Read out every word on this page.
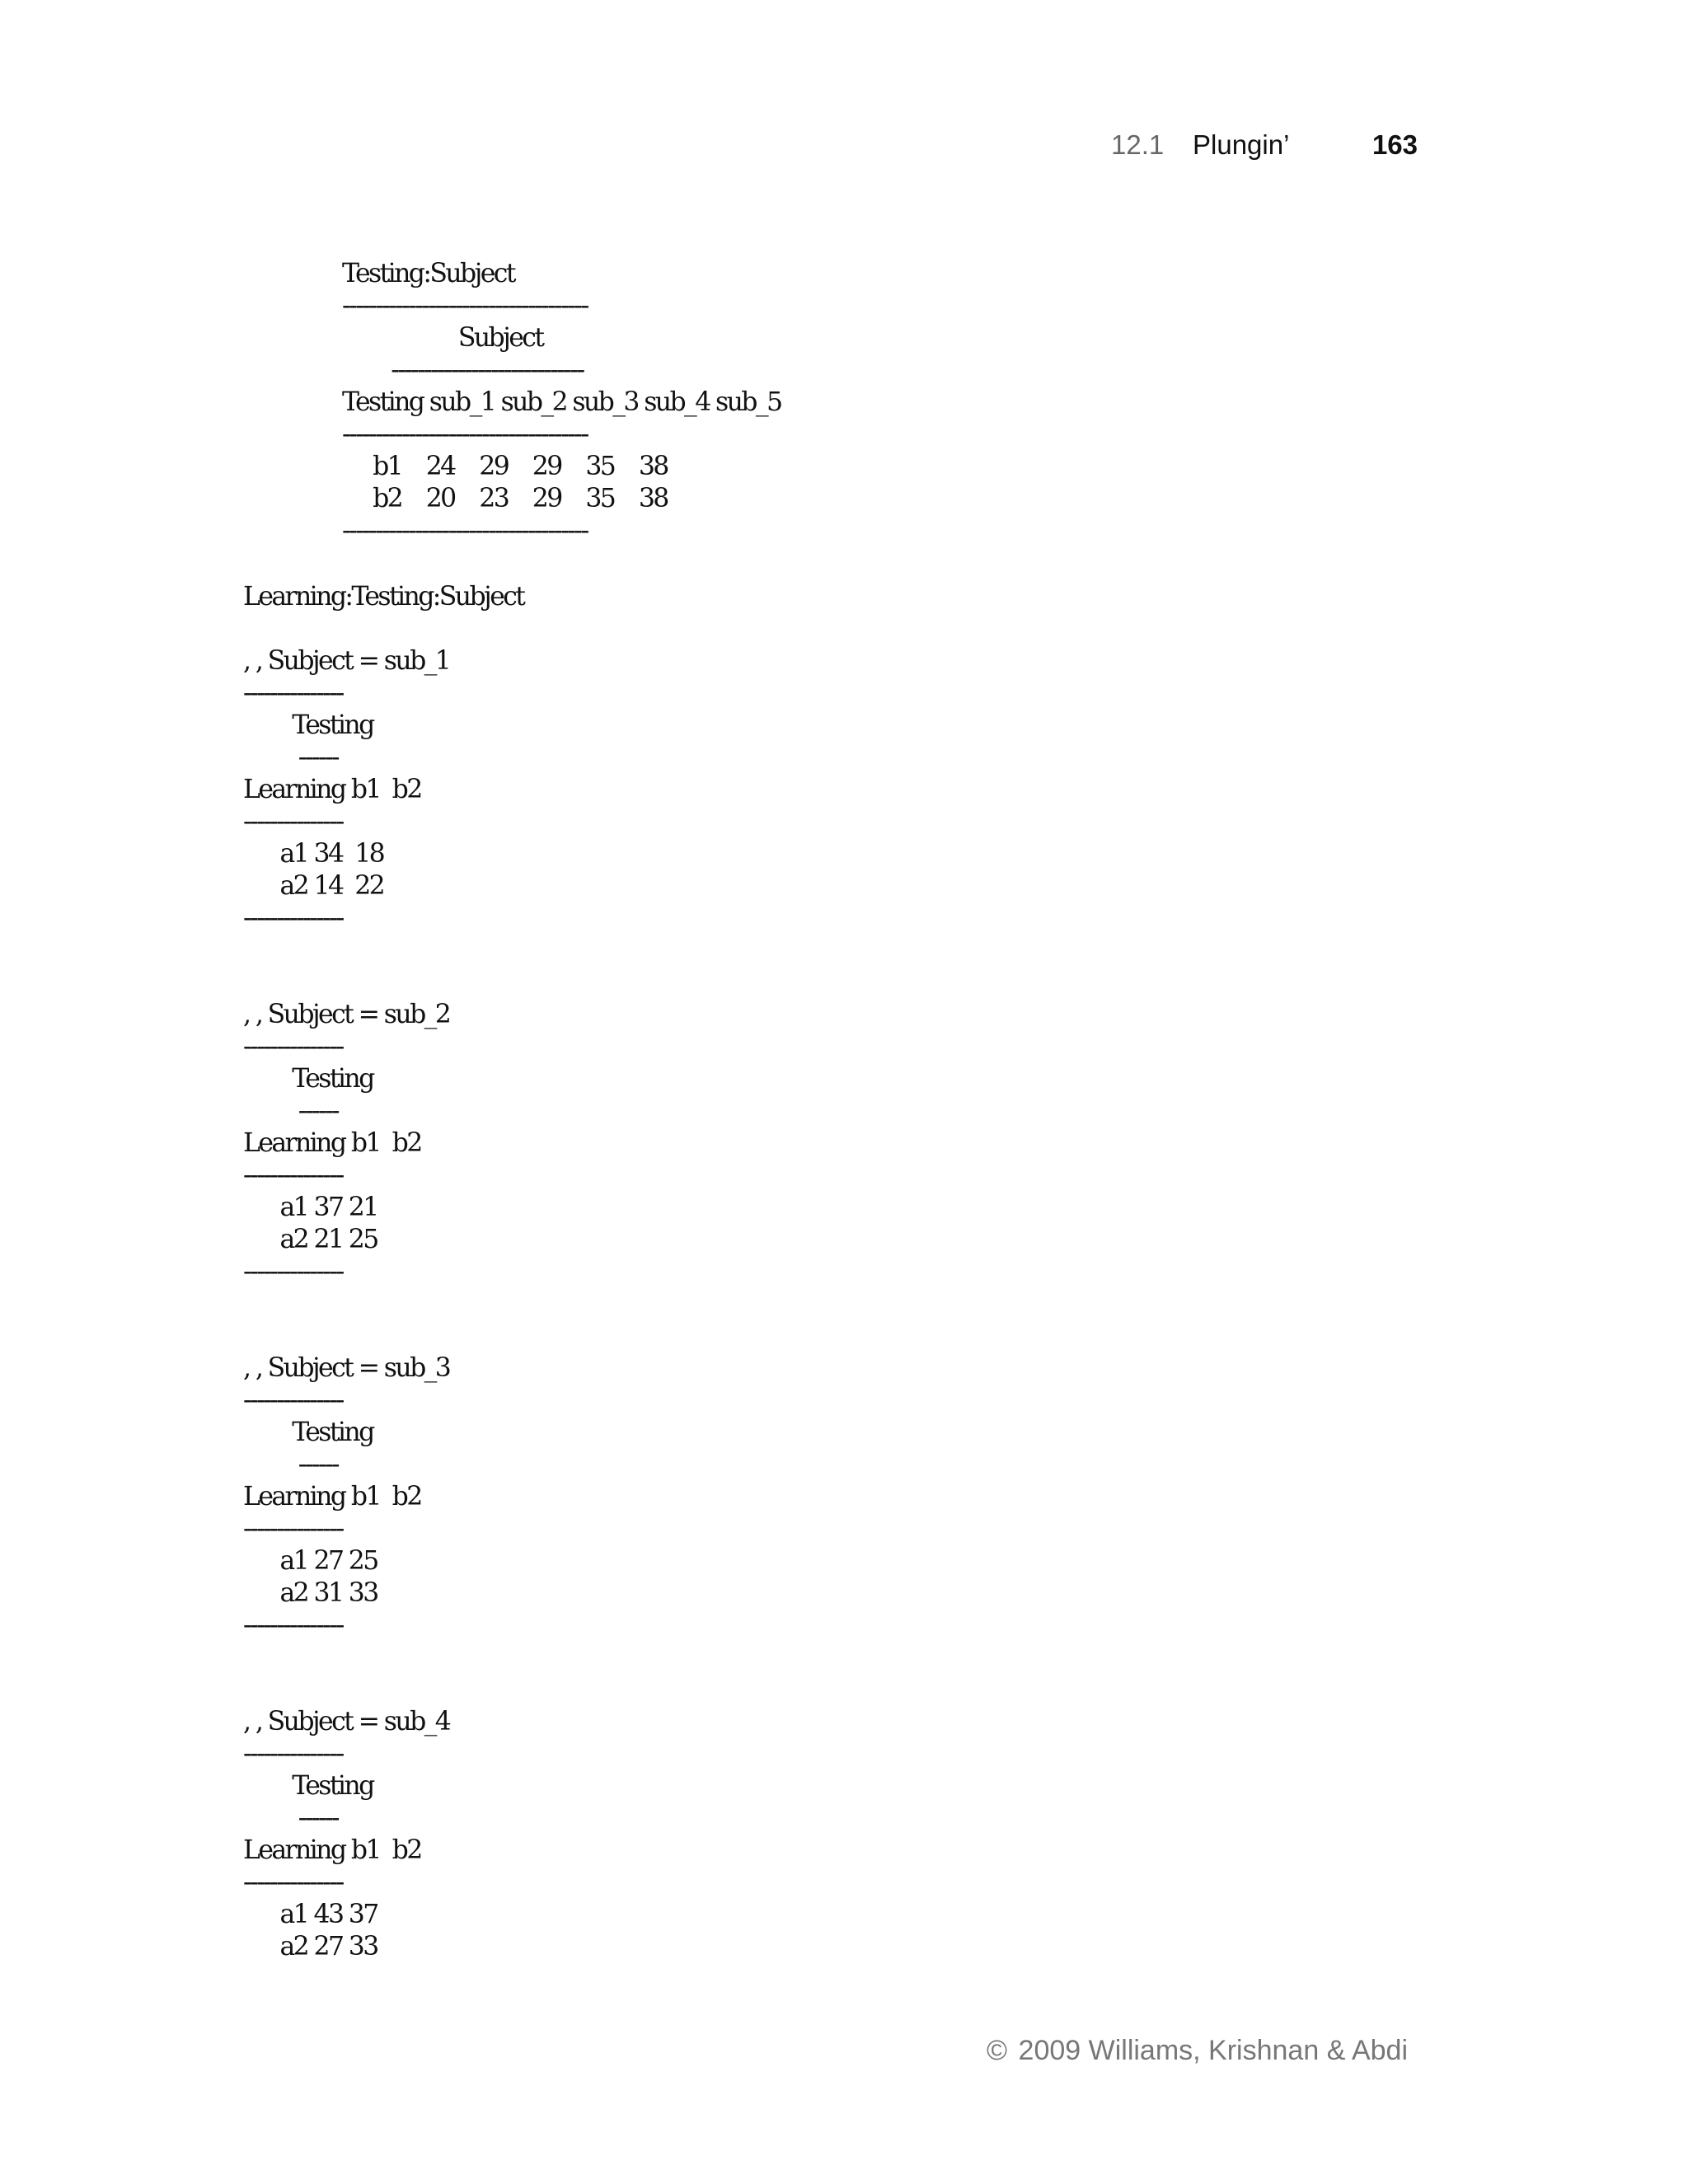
12.1 Plungin’	163
Testing:Subject
-------------------------------------
Subject
-----------------------------
Testing sub_1 sub_2 sub_3 sub_4 sub_5
-------------------------------------
b1    24    29    29    35    38
b2    20    23    29    35    38
-------------------------------------
Learning:Testing:Subject

, , Subject = sub_1
---------------
Testing
------
Learning b1  b2
---------------
a1 34  18
a2 14  22
---------------

, , Subject = sub_2
---------------
Testing
------
Learning b1  b2
---------------
a1 37 21
a2 21 25
---------------

, , Subject = sub_3
---------------
Testing
------
Learning b1  b2
---------------
a1 27 25
a2 31 33
---------------

, , Subject = sub_4
---------------
Testing
------
Learning b1  b2
---------------
a1 43 37
a2 27 33
© 2009 Williams, Krishnan & Abdi
